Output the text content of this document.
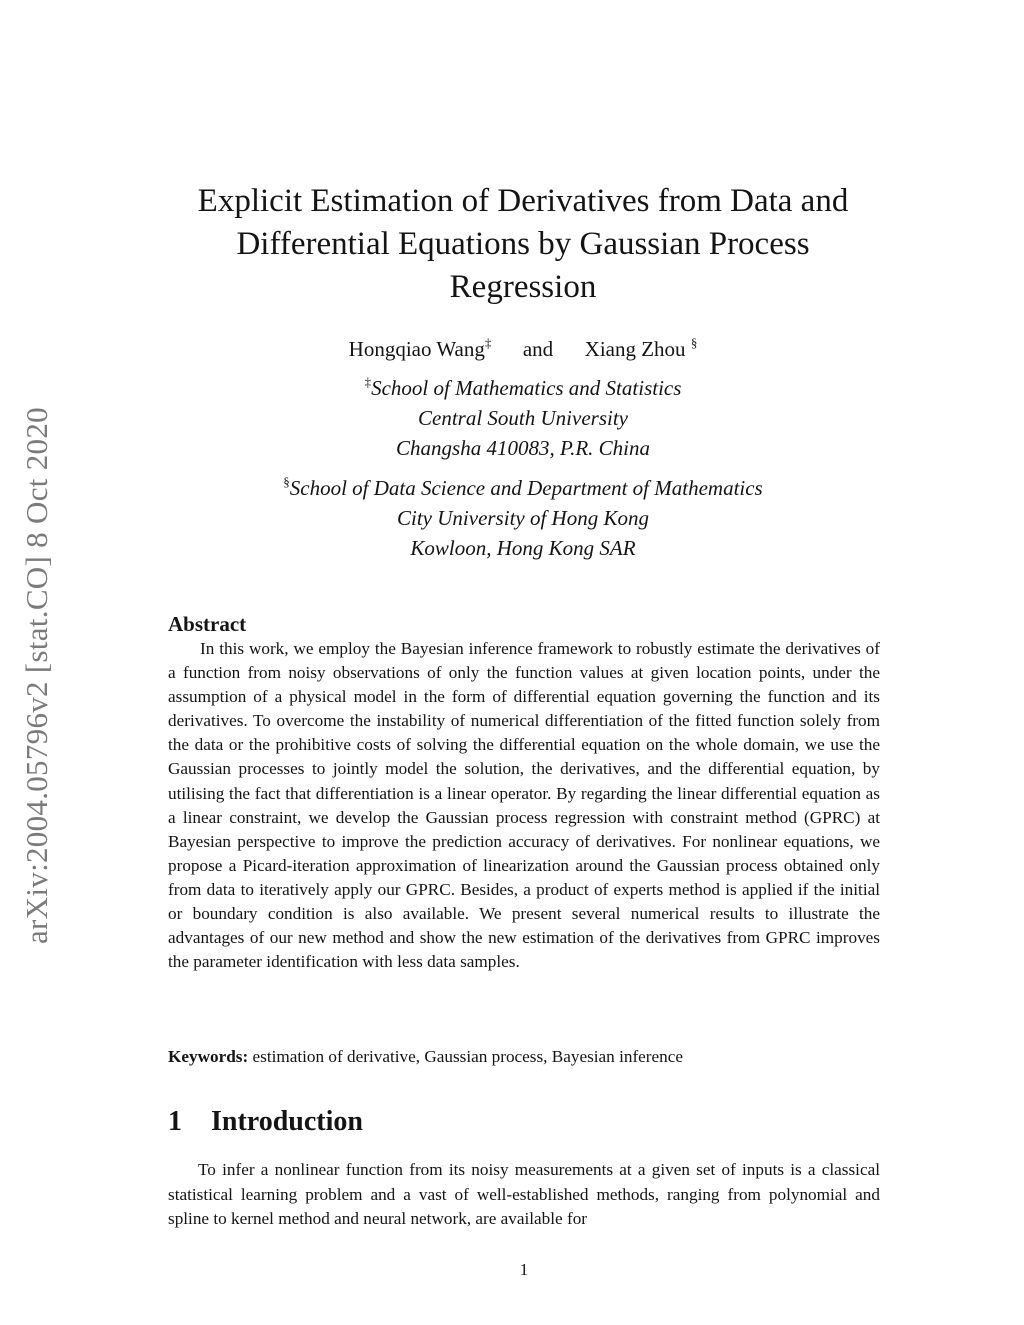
arXiv:2004.05796v2 [stat.CO] 8 Oct 2020
Explicit Estimation of Derivatives from Data and
Differential Equations by Gaussian Process
Regression
Hongqiao Wang‡ and Xiang Zhou §
‡School of Mathematics and Statistics
Central South University
Changsha 410083, P.R. China
§School of Data Science and Department of Mathematics
City University of Hong Kong
Kowloon, Hong Kong SAR
Abstract

In this work, we employ the Bayesian inference framework to robustly estimate the derivatives of a function from noisy observations of only the function values at given location points, under the assumption of a physical model in the form of differential equation governing the function and its derivatives. To overcome the instability of numerical differentiation of the fitted function solely from the data or the prohibitive costs of solving the differential equation on the whole domain, we use the Gaussian processes to jointly model the solution, the derivatives, and the differential equation, by utilising the fact that differentiation is a linear operator. By regarding the linear differential equation as a linear constraint, we develop the Gaussian process regression with constraint method (GPRC) at Bayesian perspective to improve the prediction accuracy of derivatives. For nonlinear equations, we propose a Picard-iteration approximation of linearization around the Gaussian process obtained only from data to iteratively apply our GPRC. Besides, a product of experts method is applied if the initial or boundary condition is also available. We present several numerical results to illustrate the advantages of our new method and show the new estimation of the derivatives from GPRC improves the parameter identification with less data samples.

Keywords: estimation of derivative, Gaussian process, Bayesian inference

1 Introduction

To infer a nonlinear function from its noisy measurements at a given set of inputs is a classical statistical learning problem and a vast of well-established methods, ranging from polynomial and spline to kernel method and neural network, are available for

1
